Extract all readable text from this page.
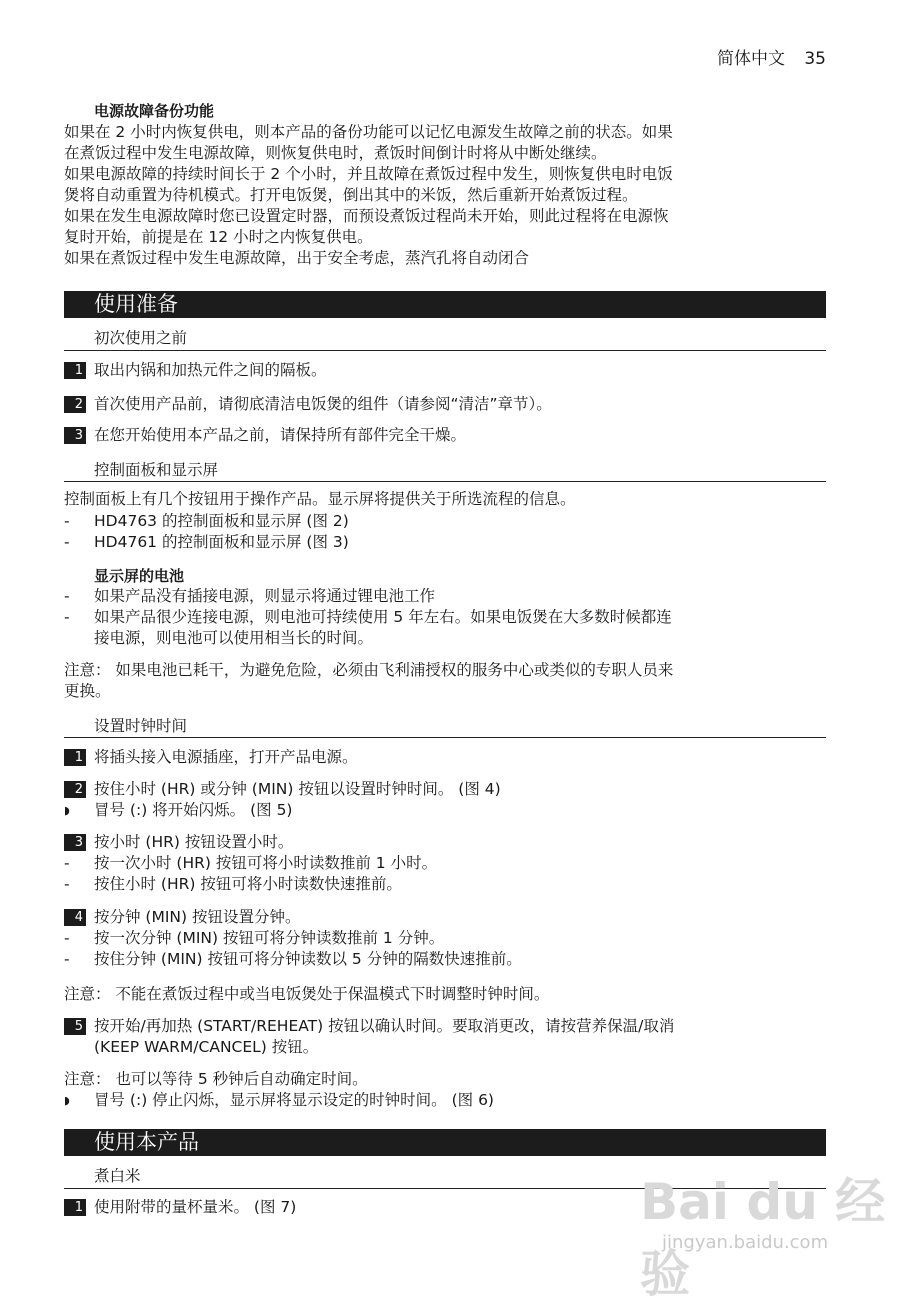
简体中文 35
电源故障备份功能

如果在 2 小时内恢复供电，则本产品的备份功能可以记忆电源发生故障之前的状态。如果

在煮饭过程中发生电源故障，则恢复供电时，煮饭时间倒计时将从中断处继续。

如果电源故障的持续时间长于 2 个小时，并且故障在煮饭过程中发生，则恢复供电时电饭

煲将自动重置为待机模式。打开电饭煲，倒出其中的米饭，然后重新开始煮饭过程。

如果在发生电源故障时您已设置定时器，而预设煮饭过程尚未开始，则此过程将在电源恢

复时开始，前提是在 12 小时之内恢复供电。

如果在煮饭过程中发生电源故障，出于安全考虑，蒸汽孔将自动闭合

使用准备
初次使用之前
1 取出内锅和加热元件之间的隔板。
2 首次使用产品前，请彻底清洁电饭煲的组件（请参阅“清洁”章节）。
3 在您开始使用本产品之前，请保持所有部件完全干燥。
控制面板和显示屏
控制面板上有几个按钮用于操作产品。显示屏将提供关于所选流程的信息。
-	HD4763 的控制面板和显示屏 (图 2)
-	HD4761 的控制面板和显示屏 (图 3)
显示屏的电池
-	如果产品没有插接电源，则显示将通过锂电池工作
-	如果产品很少连接电源，则电池可持续使用 5 年左右。如果电饭煲在大多数时候都连
接电源，则电池可以使用相当长的时间。

注意： 如果电池已耗干，为避免危险，必须由飞利浦授权的服务中心或类似的专职人员来

更换。

设置时钟时间
1 将插头接入电源插座，打开产品电源。
2 按住小时 (HR) 或分钟 (MIN) 按钮以设置时钟时间。 (图 4)
◗	冒号 (:) 将开始闪烁。 (图 5)
3 按小时 (HR) 按钮设置小时。
-	按一次小时 (HR) 按钮可将小时读数推前 1 小时。
-	按住小时 (HR) 按钮可将小时读数快速推前。
4 按分钟 (MIN) 按钮设置分钟。
-	按一次分钟 (MIN) 按钮可将分钟读数推前 1 分钟。
-	按住分钟 (MIN) 按钮可将分钟读数以 5 分钟的隔数快速推前。
注意： 不能在煮饭过程中或当电饭煲处于保温模式下时调整时钟时间。
5 按开始/再加热 (START/REHEAT) 按钮以确认时间。要取消更改，请按营养保温/取消
(KEEP WARM/CANCEL) 按钮。
注意： 也可以等待 5 秒钟后自动确定时间。
◗	冒号 (:) 停止闪烁，显示屏将显示设定的时钟时间。 (图 6)
使用本产品
煮白米
1 使用附带的量杯量米。 (图 7)	Bai du 经验
jingyan.baidu.com
